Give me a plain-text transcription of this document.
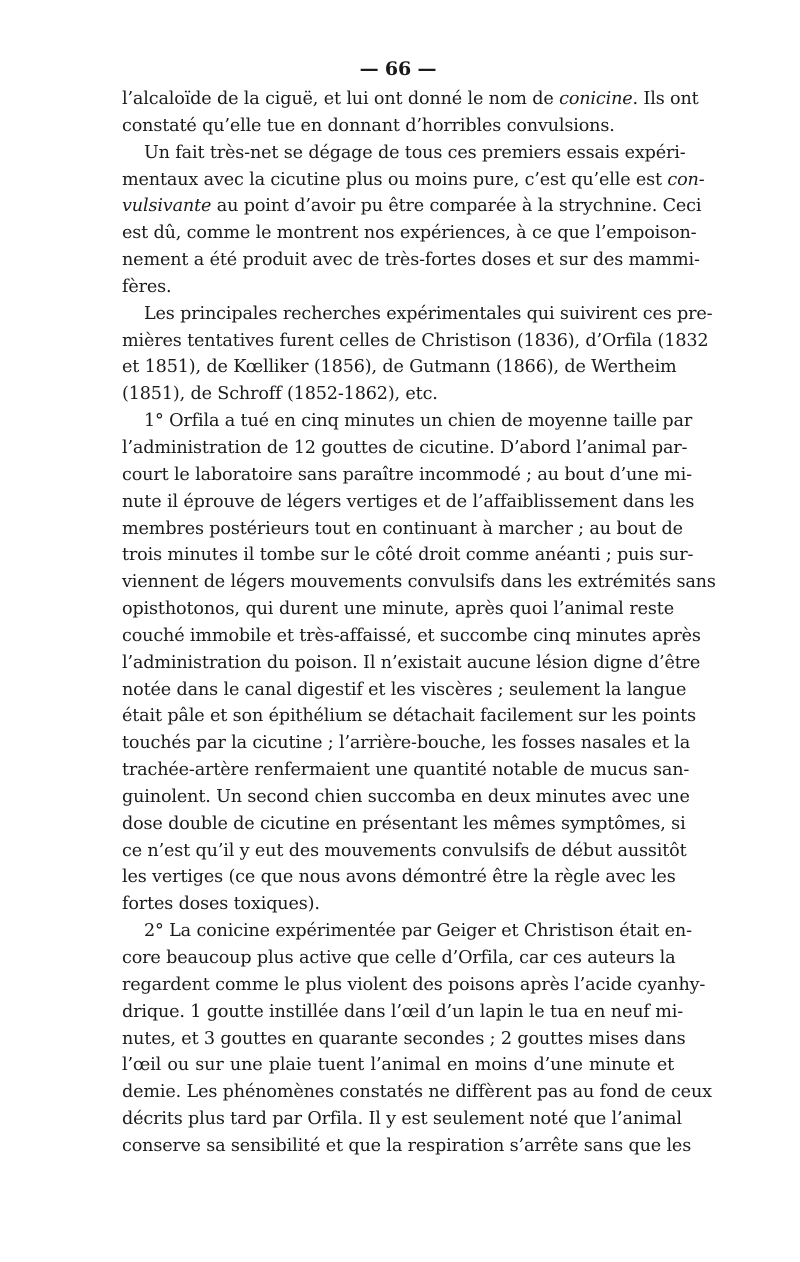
— 66 —
l’alcaloïde de la ciguë, et lui ont donné le nom de conicine. Ils ont
constaté qu’elle tue en donnant d’horribles convulsions.
Un fait très-net se dégage de tous ces premiers essais expéri-
mentaux avec la cicutine plus ou moins pure, c’est qu’elle est con-
vulsivante au point d’avoir pu être comparée à la strychnine. Ceci
est dû, comme le montrent nos expériences, à ce que l’empoison-
nement a été produit avec de très-fortes doses et sur des mammi-
fères.
Les principales recherches expérimentales qui suivirent ces pre-
mières tentatives furent celles de Christison (1836), d’Orfila (1832
et 1851), de Kœlliker (1856), de Gutmann (1866), de Wertheim
(1851), de Schroff (1852-1862), etc.
1° Orfila a tué en cinq minutes un chien de moyenne taille par
l’administration de 12 gouttes de cicutine. D’abord l’animal par-
court le laboratoire sans paraître incommodé ; au bout d’une mi-
nute il éprouve de légers vertiges et de l’affaiblissement dans les
membres postérieurs tout en continuant à marcher ; au bout de
trois minutes il tombe sur le côté droit comme anéanti ; puis sur-
viennent de légers mouvements convulsifs dans les extrémités sans
opisthotonos, qui durent une minute, après quoi l’animal reste
couché immobile et très-affaissé, et succombe cinq minutes après
l’administration du poison. Il n’existait aucune lésion digne d’être
notée dans le canal digestif et les viscères ; seulement la langue
était pâle et son épithélium se détachait facilement sur les points
touchés par la cicutine ; l’arrière-bouche, les fosses nasales et la
trachée-artère renfermaient une quantité notable de mucus san-
guinolent. Un second chien succomba en deux minutes avec une
dose double de cicutine en présentant les mêmes symptômes, si
ce n’est qu’il y eut des mouvements convulsifs de début aussitôt
les vertiges (ce que nous avons démontré être la règle avec les
fortes doses toxiques).
2° La conicine expérimentée par Geiger et Christison était en-
core beaucoup plus active que celle d’Orfila, car ces auteurs la
regardent comme le plus violent des poisons après l’acide cyanhy-
drique. 1 goutte instillée dans l’œil d’un lapin le tua en neuf mi-
nutes, et 3 gouttes en quarante secondes ; 2 gouttes mises dans
l’œil ou sur une plaie tuent l’animal en moins d’une minute et
demie. Les phénomènes constatés ne diffèrent pas au fond de ceux
décrits plus tard par Orfila. Il y est seulement noté que l’animal
conserve sa sensibilité et que la respiration s’arrête sans que les
